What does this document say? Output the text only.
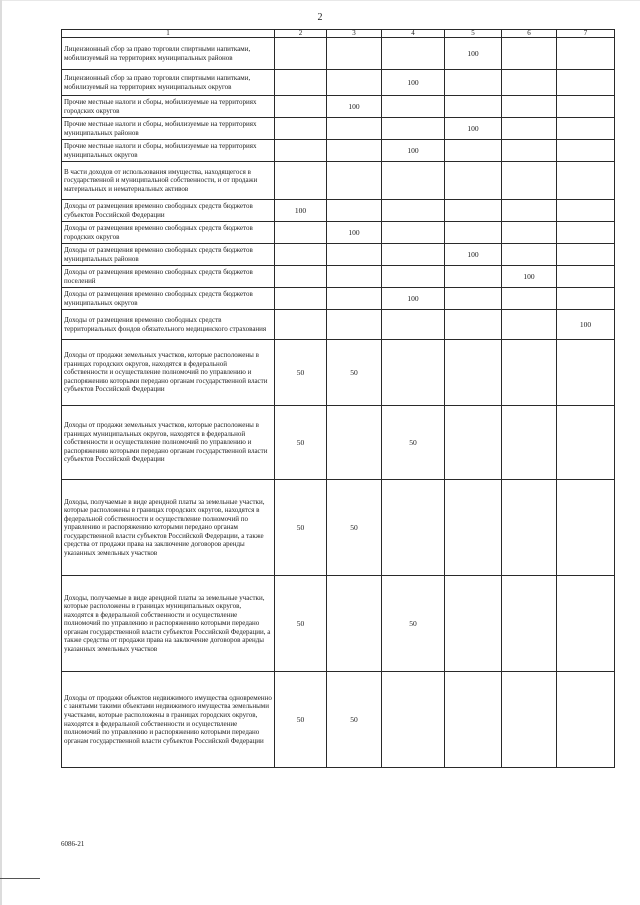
2
1	2	3	4	5	6	7

Лицензионный сбор за право торговли спиртными напитками, мобилизуемый на территориях муниципальных районов				100		

Лицензионный сбор за право торговли спиртными напитками, мобилизуемый на территориях муниципальных округов			100			

Прочие местные налоги и сборы, мобилизуемые на территориях городских округов		100				

Прочие местные налоги и сборы, мобилизуемые на территориях муниципальных районов				100		

Прочие местные налоги и сборы, мобилизуемые на территориях муниципальных округов			100			

В части доходов от использования имущества, находящегося в государственной и муниципальной собственности, и от продажи материальных и нематериальных активов						

Доходы от размещения временно свободных средств бюджетов субъектов Российской Федерации	100					

Доходы от размещения временно свободных средств бюджетов городских округов		100				

Доходы от размещения временно свободных средств бюджетов муниципальных районов				100		

Доходы от размещения временно свободных средств бюджетов поселений					100	

Доходы от размещения временно свободных средств бюджетов муниципальных округов			100			

Доходы от размещения временно свободных средств территориальных фондов обязательного медицинского страхования						100

Доходы от продажи земельных участков, которые расположены в границах городских округов, находятся в федеральной собственности и осуществление полномочий по управлению и распоряжению которыми передано органам государственной власти субъектов Российской Федерации	50	50				

Доходы от продажи земельных участков, которые расположены в границах муниципальных округов, находятся в федеральной собственности и осуществление полномочий по управлению и распоряжению которыми передано органам государственной власти субъектов Российской Федерации	50		50			

Доходы, получаемые в виде арендной платы за земельные участки, которые расположены в границах городских округов, находятся в федеральной собственности и осуществление полномочий по управлению и распоряжению которыми передано органам государственной власти субъектов Российской Федерации, а также средства от продажи права на заключение договоров аренды указанных земельных участков	50	50				

Доходы, получаемые в виде арендной платы за земельные участки, которые расположены в границах муниципальных округов, находятся в федеральной собственности и осуществление полномочий по управлению и распоряжению которыми передано органам государственной власти субъектов Российской Федерации, а также средства от продажи права на заключение договоров аренды указанных земельных участков	50		50			

Доходы от продажи объектов недвижимого имущества одновременно с занятыми такими объектами недвижимого имущества земельными участками, которые расположены в границах городских округов, находятся в федеральной собственности и осуществление полномочий по управлению и распоряжению которыми передано органам государственной власти субъектов Российской Федерации	50	50				
6086-21
